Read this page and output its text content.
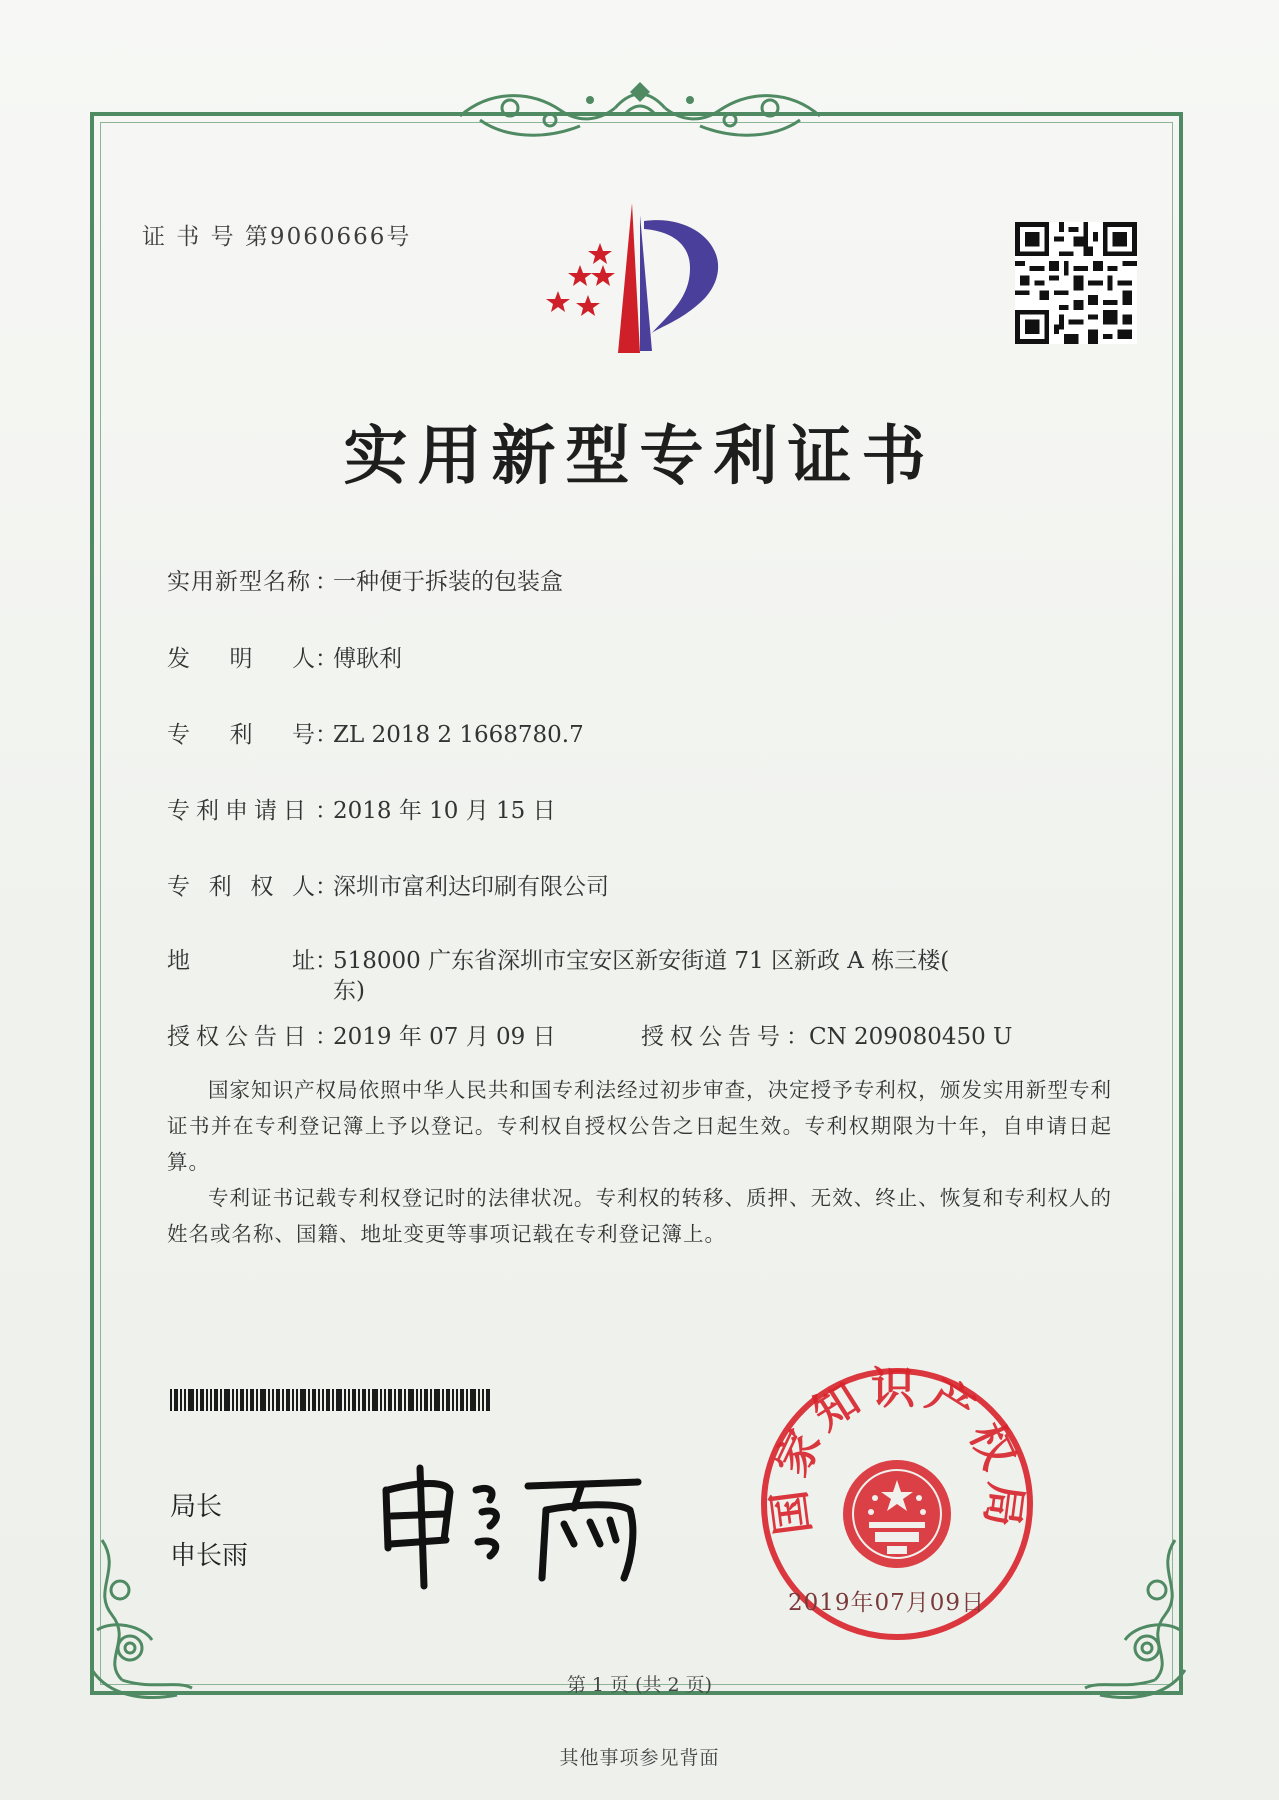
证 书 号 第9060666号
实用新型专利证书
实用新型名称 ：一种便于拆装的包装盒
发 明 人 ：傅耿利
专 利 号 ：ZL 2018 2 1668780.7
专利申请日 ：2018 年 10 月 15 日
专 利 权 人 ：深圳市富利达印刷有限公司
地	址 ：518000 广东省深圳市宝安区新安街道 71 区新政 A 栋三楼(
东)
授权公告日 ：2019 年 07 月 09 日	授权公告号：CN 209080450 U
国家知识产权局依照中华人民共和国专利法经过初步审查，决定授予专利权，颁发实用新型专利证书并在专利登记簿上予以登记。专利权自授权公告之日起生效。专利权期限为十年，自申请日起算。
专利证书记载专利权登记时的法律状况。专利权的转移、质押、无效、终止、恢复和专利权人的姓名或名称、国籍、地址变更等事项记载在专利登记簿上。
局长
申长雨
国家知识产权局
2019年07月09日
第 1 页 (共 2 页)
其他事项参见背面
